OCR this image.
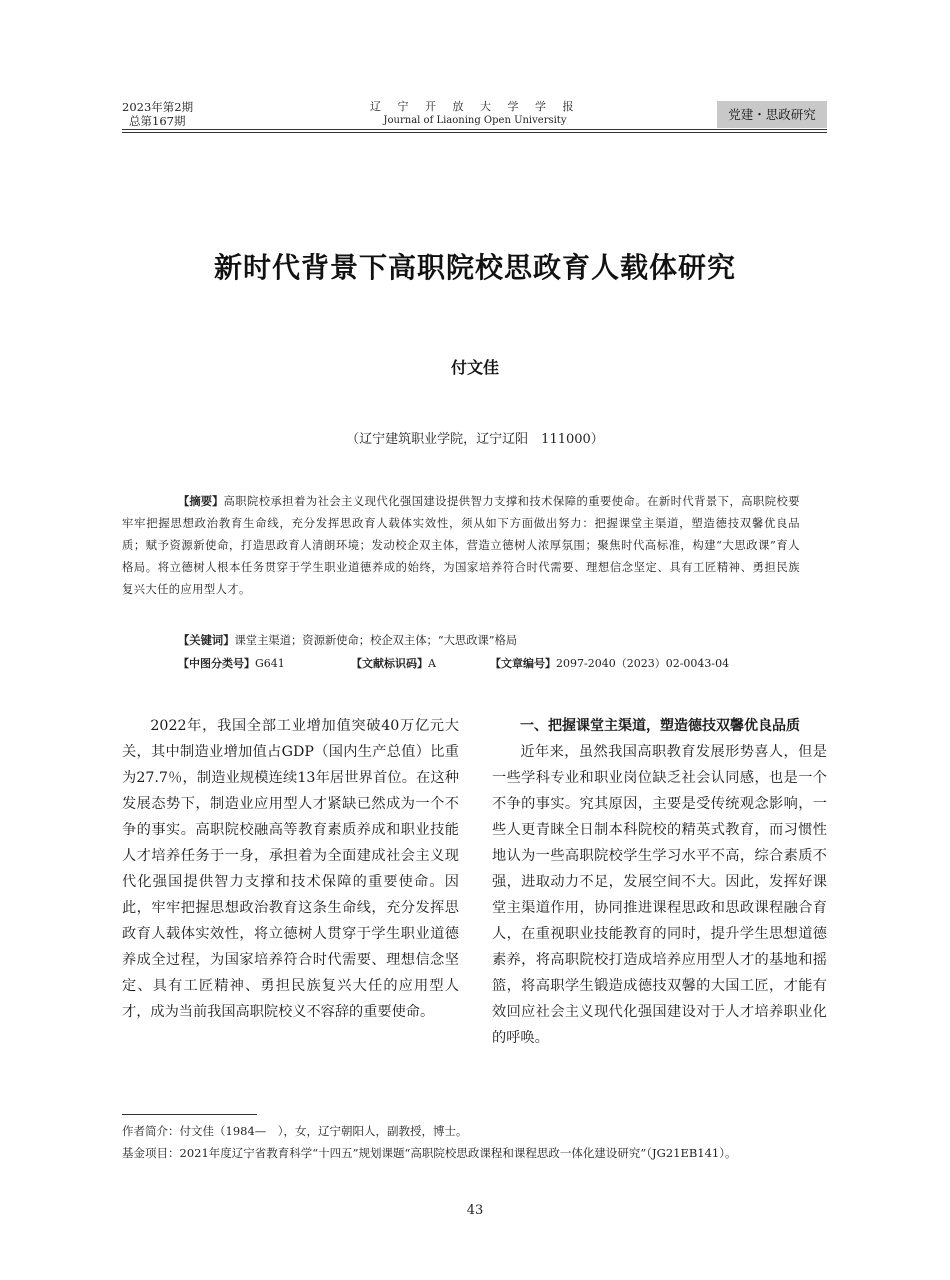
2023年第2期
总第167期
辽 宁 开 放 大 学 学 报
Journal of Liaoning Open University	党建・思政研究
新时代背景下高职院校思政育人载体研究
付文佳
（辽宁建筑职业学院，辽宁辽阳　111000）
【摘要】高职院校承担着为社会主义现代化强国建设提供智力支撑和技术保障的重要使命。在新时代背景下，高职院校要牢牢把握思想政治教育生命线，充分发挥思政育人载体实效性，须从如下方面做出努力：把握课堂主渠道，塑造德技双馨优良品质；赋予资源新使命，打造思政育人清朗环境；发动校企双主体，营造立德树人浓厚氛围；聚焦时代高标准，构建“大思政课”育人格局。将立德树人根本任务贯穿于学生职业道德养成的始终，为国家培养符合时代需要、理想信念坚定、具有工匠精神、勇担民族复兴大任的应用型人才。
【关键词】课堂主渠道；资源新使命；校企双主体；“大思政课”格局
【中图分类号】G641	【文献标识码】A	【文章编号】2097-2040（2023）02-0043-04

2022年，我国全部工业增加值突破40万亿元大关，其中制造业增加值占GDP（国内生产总值）比重为27.7％，制造业规模连续13年居世界首位。在这种发展态势下，制造业应用型人才紧缺已然成为一个不争的事实。高职院校融高等教育素质养成和职业技能人才培养任务于一身，承担着为全面建成社会主义现代化强国提供智力支撑和技术保障的重要使命。因此，牢牢把握思想政治教育这条生命线，充分发挥思政育人载体实效性，将立德树人贯穿于学生职业道德养成全过程，为国家培养符合时代需要、理想信念坚定、具有工匠精神、勇担民族复兴大任的应用型人才，成为当前我国高职院校义不容辞的重要使命。

一、把握课堂主渠道，塑造德技双馨优良品质

近年来，虽然我国高职教育发展形势喜人，但是一些学科专业和职业岗位缺乏社会认同感，也是一个不争的事实。究其原因，主要是受传统观念影响，一些人更青睐全日制本科院校的精英式教育，而习惯性地认为一些高职院校学生学习水平不高，综合素质不强，进取动力不足，发展空间不大。因此，发挥好课堂主渠道作用，协同推进课程思政和思政课程融合育人，在重视职业技能教育的同时，提升学生思想道德素养，将高职院校打造成培养应用型人才的基地和摇篮，将高职学生锻造成德技双馨的大国工匠，才能有效回应社会主义现代化强国建设对于人才培养职业化的呼唤。

作者简介：付文佳（1984—　），女，辽宁朝阳人，副教授，博士。
基金项目：2021年度辽宁省教育科学“十四五”规划课题“高职院校思政课程和课程思政一体化建设研究”（JG21EB141）。
43
